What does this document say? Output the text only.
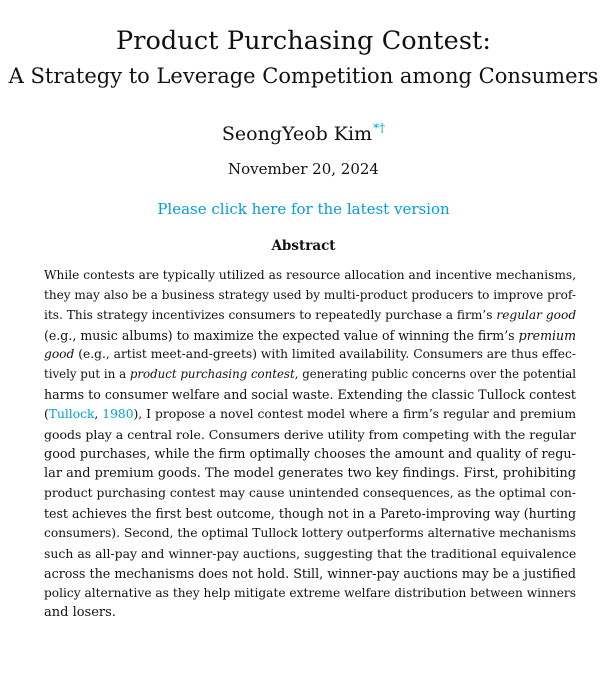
Product Purchasing Contest:
A Strategy to Leverage Competition among Consumers
SeongYeob Kim*†
November 20, 2024
Please click here for the latest version
Abstract
While contests are typically utilized as resource allocation and incentive mechanisms,
they may also be a business strategy used by multi-product producers to improve prof-
its. This strategy incentivizes consumers to repeatedly purchase a firm’s regular good
(e.g., music albums) to maximize the expected value of winning the firm’s premium
good (e.g., artist meet-and-greets) with limited availability. Consumers are thus effec-
tively put in a product purchasing contest, generating public concerns over the potential
harms to consumer welfare and social waste. Extending the classic Tullock contest
(Tullock, 1980), I propose a novel contest model where a firm’s regular and premium
goods play a central role. Consumers derive utility from competing with the regular
good purchases, while the firm optimally chooses the amount and quality of regu-
lar and premium goods. The model generates two key findings. First, prohibiting
product purchasing contest may cause unintended consequences, as the optimal con-
test achieves the first best outcome, though not in a Pareto-improving way (hurting
consumers). Second, the optimal Tullock lottery outperforms alternative mechanisms
such as all-pay and winner-pay auctions, suggesting that the traditional equivalence
across the mechanisms does not hold. Still, winner-pay auctions may be a justified
policy alternative as they help mitigate extreme welfare distribution between winners
and losers.
